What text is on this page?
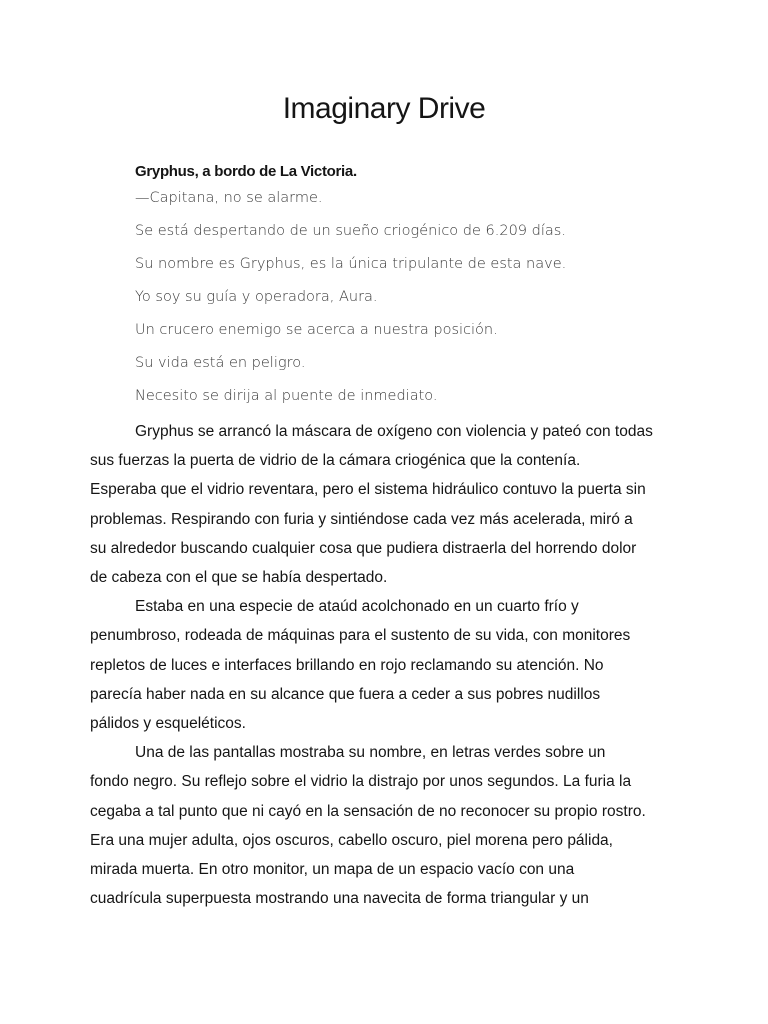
Imaginary Drive
Gryphus, a bordo de La Victoria.
—Capitana, no se alarme.
Se está despertando de un sueño criogénico de 6.209 días.
Su nombre es Gryphus, es la única tripulante de esta nave.
Yo soy su guía y operadora, Aura.
Un crucero enemigo se acerca a nuestra posición.
Su vida está en peligro.
Necesito se dirija al puente de inmediato.

Gryphus se arrancó la máscara de oxígeno con violencia y pateó con todas
sus fuerzas la puerta de vidrio de la cámara criogénica que la contenía.
Esperaba que el vidrio reventara, pero el sistema hidráulico contuvo la puerta sin
problemas. Respirando con furia y sintiéndose cada vez más acelerada, miró a
su alrededor buscando cualquier cosa que pudiera distraerla del horrendo dolor
de cabeza con el que se había despertado.

Estaba en una especie de ataúd acolchonado en un cuarto frío y
penumbroso, rodeada de máquinas para el sustento de su vida, con monitores
repletos de luces e interfaces brillando en rojo reclamando su atención. No
parecía haber nada en su alcance que fuera a ceder a sus pobres nudillos
pálidos y esqueléticos.

Una de las pantallas mostraba su nombre, en letras verdes sobre un
fondo negro. Su reflejo sobre el vidrio la distrajo por unos segundos. La furia la
cegaba a tal punto que ni cayó en la sensación de no reconocer su propio rostro.
Era una mujer adulta, ojos oscuros, cabello oscuro, piel morena pero pálida,
mirada muerta. En otro monitor, un mapa de un espacio vacío con una
cuadrícula superpuesta mostrando una navecita de forma triangular y un
